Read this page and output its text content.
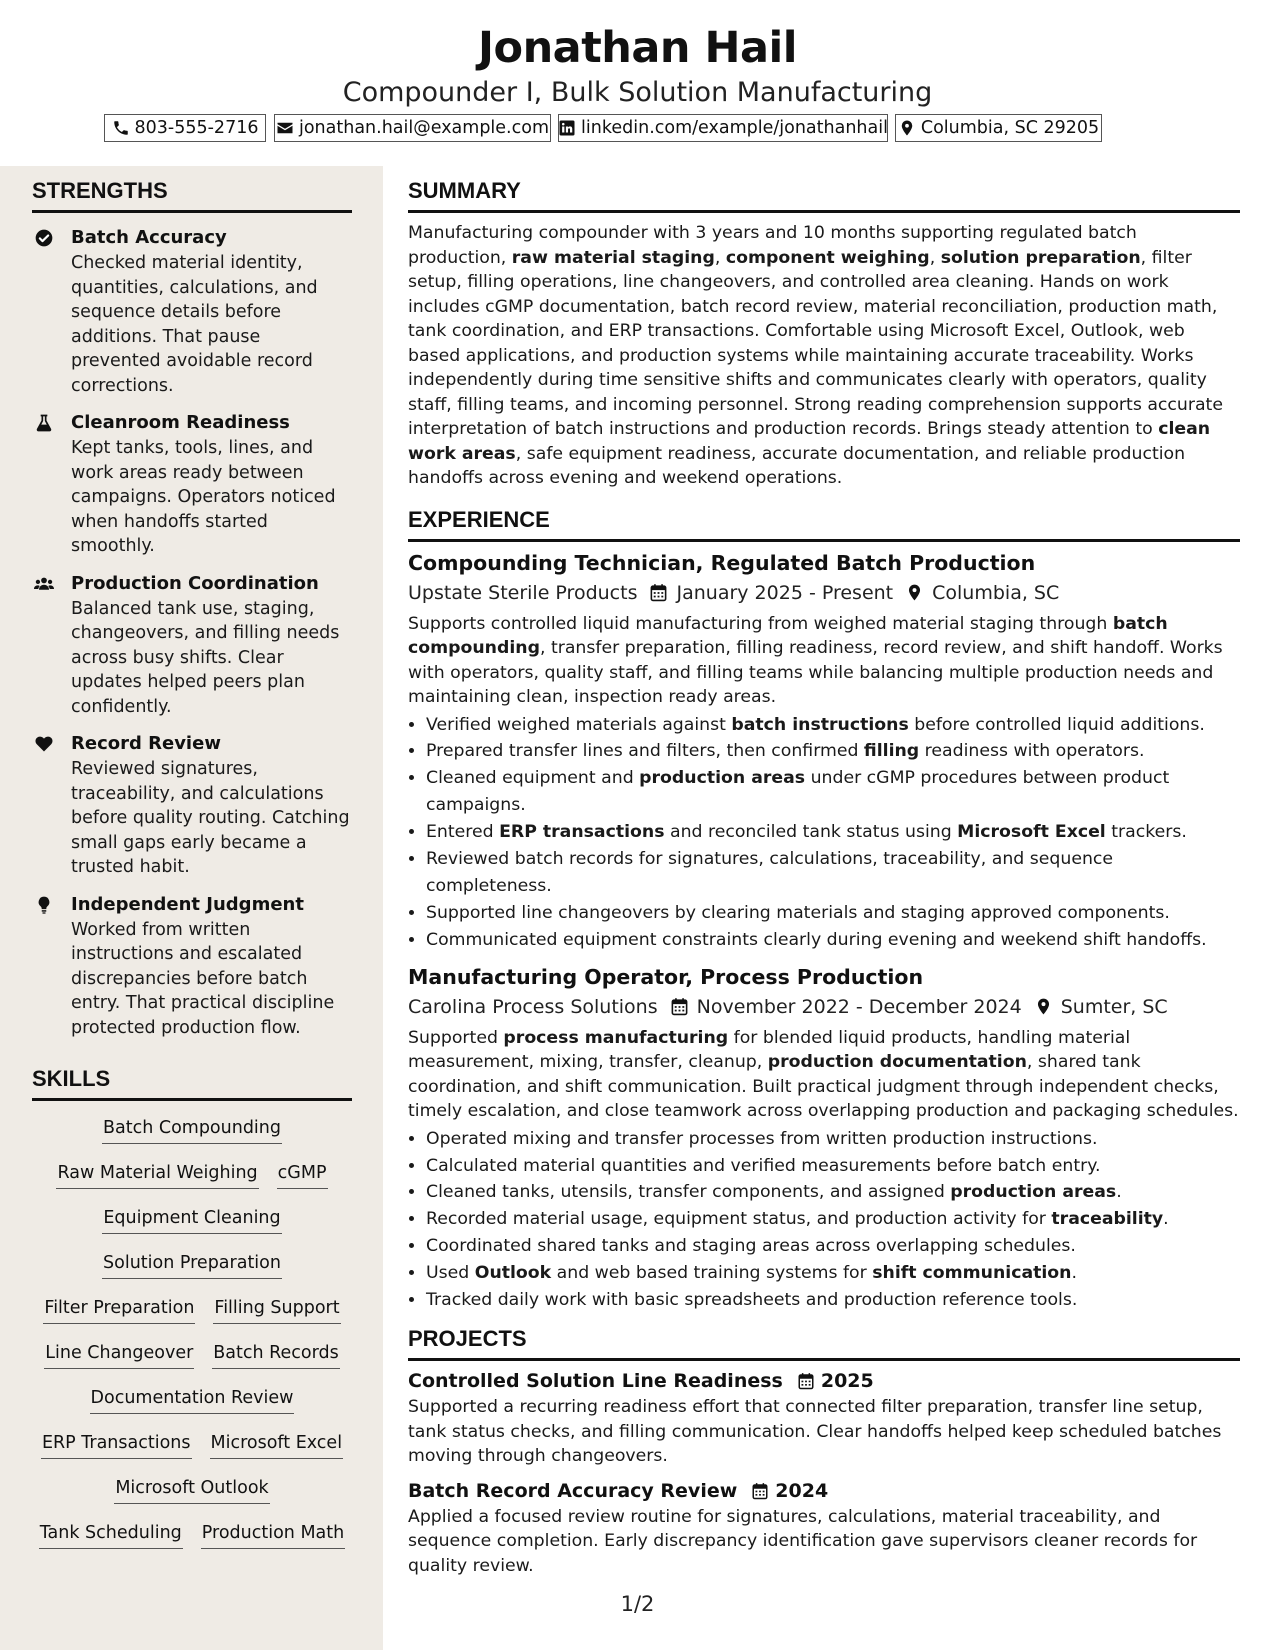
Jonathan Hail
Compounder I, Bulk Solution Manufacturing
803-555-2716 jonathan.hail@example.com linkedin.com/example/jonathanhail Columbia, SC 29205
STRENGTHS
Batch Accuracy
Checked material identity, quantities, calculations, and sequence details before additions. That pause prevented avoidable record corrections.
Cleanroom Readiness
Kept tanks, tools, lines, and work areas ready between campaigns. Operators noticed when handoffs started smoothly.
Production Coordination
Balanced tank use, staging, changeovers, and filling needs across busy shifts. Clear updates helped peers plan confidently.
Record Review
Reviewed signatures, traceability, and calculations before quality routing. Catching small gaps early became a trusted habit.
Independent Judgment
Worked from written instructions and escalated discrepancies before batch entry. That practical discipline protected production flow.
SKILLS
Batch Compounding
Raw Material Weighing cGMP
Equipment Cleaning
Solution Preparation
Filter Preparation Filling Support
Line Changeover Batch Records
Documentation Review
ERP Transactions Microsoft Excel
Microsoft Outlook
Tank Scheduling Production Math
SUMMARY

Manufacturing compounder with 3 years and 10 months supporting regulated batch production, raw material staging, component weighing, solution preparation, filter setup, filling operations, line changeovers, and controlled area cleaning. Hands on work includes cGMP documentation, batch record review, material reconciliation, production math, tank coordination, and ERP transactions. Comfortable using Microsoft Excel, Outlook, web based applications, and production systems while maintaining accurate traceability. Works independently during time sensitive shifts and communicates clearly with operators, quality staff, filling teams, and incoming personnel. Strong reading comprehension supports accurate interpretation of batch instructions and production records. Brings steady attention to clean work areas, safe equipment readiness, accurate documentation, and reliable production handoffs across evening and weekend operations.

EXPERIENCE
Compounding Technician, Regulated Batch Production
Upstate Sterile Products January 2025 - Present Columbia, SC

Supports controlled liquid manufacturing from weighed material staging through batch compounding, transfer preparation, filling readiness, record review, and shift handoff. Works with operators, quality staff, and filling teams while balancing multiple production needs and maintaining clean, inspection ready areas.

• Verified weighed materials against batch instructions before controlled liquid additions.
• Prepared transfer lines and filters, then confirmed filling readiness with operators.
• Cleaned equipment and production areas under cGMP procedures between product campaigns.
• Entered ERP transactions and reconciled tank status using Microsoft Excel trackers.
• Reviewed batch records for signatures, calculations, traceability, and sequence completeness.
• Supported line changeovers by clearing materials and staging approved components.
• Communicated equipment constraints clearly during evening and weekend shift handoffs.
Manufacturing Operator, Process Production
Carolina Process Solutions November 2022 - December 2024 Sumter, SC

Supported process manufacturing for blended liquid products, handling material measurement, mixing, transfer, cleanup, production documentation, shared tank coordination, and shift communication. Built practical judgment through independent checks, timely escalation, and close teamwork across overlapping production and packaging schedules.

• Operated mixing and transfer processes from written production instructions.
• Calculated material quantities and verified measurements before batch entry.
• Cleaned tanks, utensils, transfer components, and assigned production areas.
• Recorded material usage, equipment status, and production activity for traceability.
• Coordinated shared tanks and staging areas across overlapping schedules.
• Used Outlook and web based training systems for shift communication.
• Tracked daily work with basic spreadsheets and production reference tools.
PROJECTS
Controlled Solution Line Readiness 2025

Supported a recurring readiness effort that connected filter preparation, transfer line setup, tank status checks, and filling communication. Clear handoffs helped keep scheduled batches moving through changeovers.

Batch Record Accuracy Review 2024

Applied a focused review routine for signatures, calculations, material traceability, and sequence completion. Early discrepancy identification gave supervisors cleaner records for quality review.

1/2
